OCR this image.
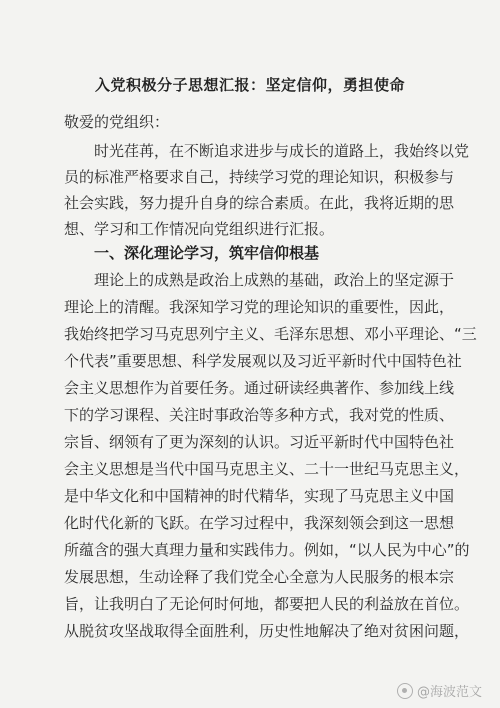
入党积极分子思想汇报：坚定信仰，勇担使命
敬爱的党组织：
时光荏苒，在不断追求进步与成长的道路上，我始终以党
员的标准严格要求自己，持续学习党的理论知识，积极参与
社会实践，努力提升自身的综合素质。在此，我将近期的思
想、学习和工作情况向党组织进行汇报。
一、深化理论学习，筑牢信仰根基
理论上的成熟是政治上成熟的基础，政治上的坚定源于
理论上的清醒。我深知学习党的理论知识的重要性，因此，
我始终把学习马克思列宁主义、毛泽东思想、邓小平理论、“三
个代表”重要思想、科学发展观以及习近平新时代中国特色社
会主义思想作为首要任务。通过研读经典著作、参加线上线
下的学习课程、关注时事政治等多种方式，我对党的性质、
宗旨、纲领有了更为深刻的认识。习近平新时代中国特色社
会主义思想是当代中国马克思主义、二十一世纪马克思主义，
是中华文化和中国精神的时代精华，实现了马克思主义中国
化时代化新的飞跃。在学习过程中，我深刻领会到这一思想
所蕴含的强大真理力量和实践伟力。例如，“以人民为中心”的
发展思想，生动诠释了我们党全心全意为人民服务的根本宗
旨，让我明白了无论何时何地，都要把人民的利益放在首位。
从脱贫攻坚战取得全面胜利，历史性地解决了绝对贫困问题，
@海波范文
